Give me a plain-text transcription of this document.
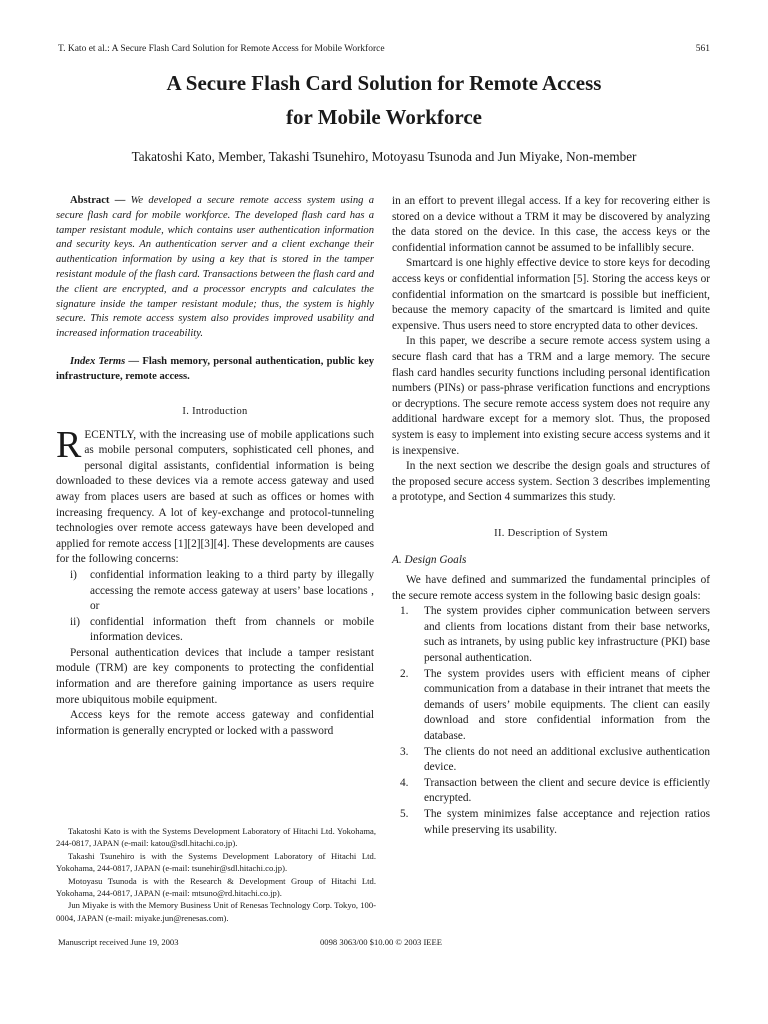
T. Kato et al.: A Secure Flash Card Solution for Remote Access for Mobile Workforce	561
A Secure Flash Card Solution for Remote Access
for Mobile Workforce
Takatoshi Kato, Member, Takashi Tsunehiro, Motoyasu Tsunoda and Jun Miyake, Non-member

Abstract — We developed a secure remote access system using a secure flash card for mobile workforce. The developed flash card has a tamper resistant module, which contains user authentication information and security keys. An authentication server and a client exchange their authentication information by using a key that is stored in the tamper resistant module of the flash card. Transactions between the flash card and the client are encrypted, and a processor encrypts and calculates the signature inside the tamper resistant module; thus, the system is highly secure. This remote access system also provides improved usability and increased information traceability.

Index Terms — Flash memory, personal authentication, public key infrastructure, remote access.

I. Introduction

RECENTLY, with the increasing use of mobile applications such as mobile personal computers, sophisticated cell phones, and personal digital assistants, confidential information is being downloaded to these devices via a remote access gateway and used away from places users are based at such as offices or homes with increasing frequency. A lot of key-exchange and protocol-tunneling technologies over remote access gateways have been developed and applied for remote access [1][2][3][4]. These developments are causes for the following concerns:

i) confidential information leaking to a third party by illegally accessing the remote access gateway at users’ base locations , or
ii) confidential information theft from channels or mobile information devices.

Personal authentication devices that include a tamper resistant module (TRM) are key components to protecting the confidential information and are therefore gaining importance as users require more ubiquitous mobile equipment.

Access keys for the remote access gateway and confidential information is generally encrypted or locked with a password

in an effort to prevent illegal access. If a key for recovering either is stored on a device without a TRM it may be discovered by analyzing the data stored on the device. In this case, the access keys or the confidential information cannot be assumed to be infallibly secure.

Smartcard is one highly effective device to store keys for decoding access keys or confidential information [5]. Storing the access keys or confidential information on the smartcard is possible but inefficient, because the memory capacity of the smartcard is limited and quite expensive. Thus users need to store encrypted data to other devices.

In this paper, we describe a secure remote access system using a secure flash card that has a TRM and a large memory. The secure flash card handles security functions including personal identification numbers (PINs) or pass-phrase verification functions and encryptions or decryptions. The secure remote access system does not require any additional hardware except for a memory slot. Thus, the proposed system is easy to implement into existing secure access systems and it is inexpensive.

In the next section we describe the design goals and structures of the proposed secure access system. Section 3 describes implementing a prototype, and Section 4 summarizes this study.

II. Description of System
A. Design Goals

We have defined and summarized the fundamental principles of the secure remote access system in the following basic design goals:

1. The system provides cipher communication between servers and clients from locations distant from their base networks, such as intranets, by using public key infrastructure (PKI) base personal authentication.
2. The system provides users with efficient means of cipher communication from a database in their intranet that meets the demands of users’ mobile equipments. The client can easily download and store confidential information from the database.
3. The clients do not need an additional exclusive authentication device.
4. Transaction between the client and secure device is efficiently encrypted.
5. The system minimizes false acceptance and rejection ratios while preserving its usability.

Takatoshi Kato is with the Systems Development Laboratory of Hitachi Ltd. Yokohama, 244-0817, JAPAN (e-mail: katou@sdl.hitachi.co.jp).

Takashi Tsunehiro is with the Systems Development Laboratory of Hitachi Ltd. Yokohama, 244-0817, JAPAN (e-mail: tsunehir@sdl.hitachi.co.jp).

Motoyasu Tsunoda is with the Research & Development Group of Hitachi Ltd. Yokohama, 244-0817, JAPAN (e-mail: mtsuno@rd.hitachi.co.jp).

Jun Miyake is with the Memory Business Unit of Renesas Technology Corp. Tokyo, 100-0004, JAPAN (e-mail: miyake.jun@renesas.com).

Manuscript received June 19, 2003	0098 3063/00 $10.00 © 2003 IEEE
